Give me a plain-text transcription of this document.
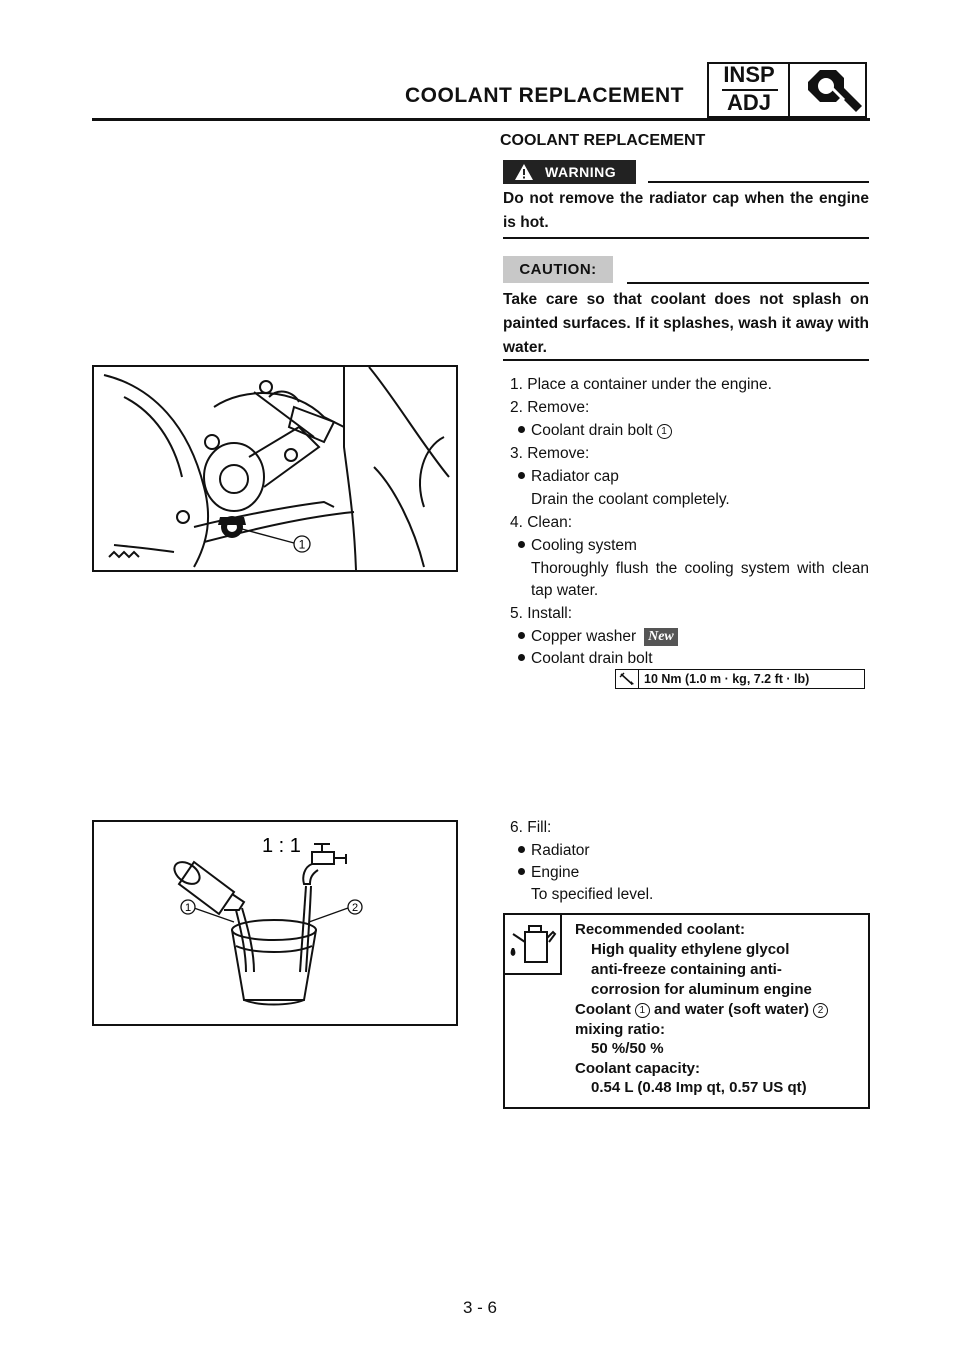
COOLANT REPLACEMENT
INSP
ADJ
COOLANT REPLACEMENT
WARNING
Do not remove the radiator cap when the engine is hot.
CAUTION:
Take care so that coolant does not splash on painted surfaces. If it splashes, wash it away with water.
1. Place a container under the engine.
2. Remove:
Coolant drain bolt 1
3. Remove:
Radiator cap
Drain the coolant completely.
4. Clean:
Cooling system
Thoroughly flush the cooling system with clean tap water.
5. Install:
Copper washer New
Coolant drain bolt
10 Nm (1.0 m · kg, 7.2 ft · lb)
1
6. Fill:
Radiator
Engine
To specified level.
1 : 1
1	2
Recommended coolant:
High quality ethylene glycol
anti-freeze containing anti-
corrosion for aluminum engine
Coolant 1 and water (soft water) 2
mixing ratio:
50 %/50 %
Coolant capacity:
0.54 L (0.48 Imp qt, 0.57 US qt)
3 - 6
